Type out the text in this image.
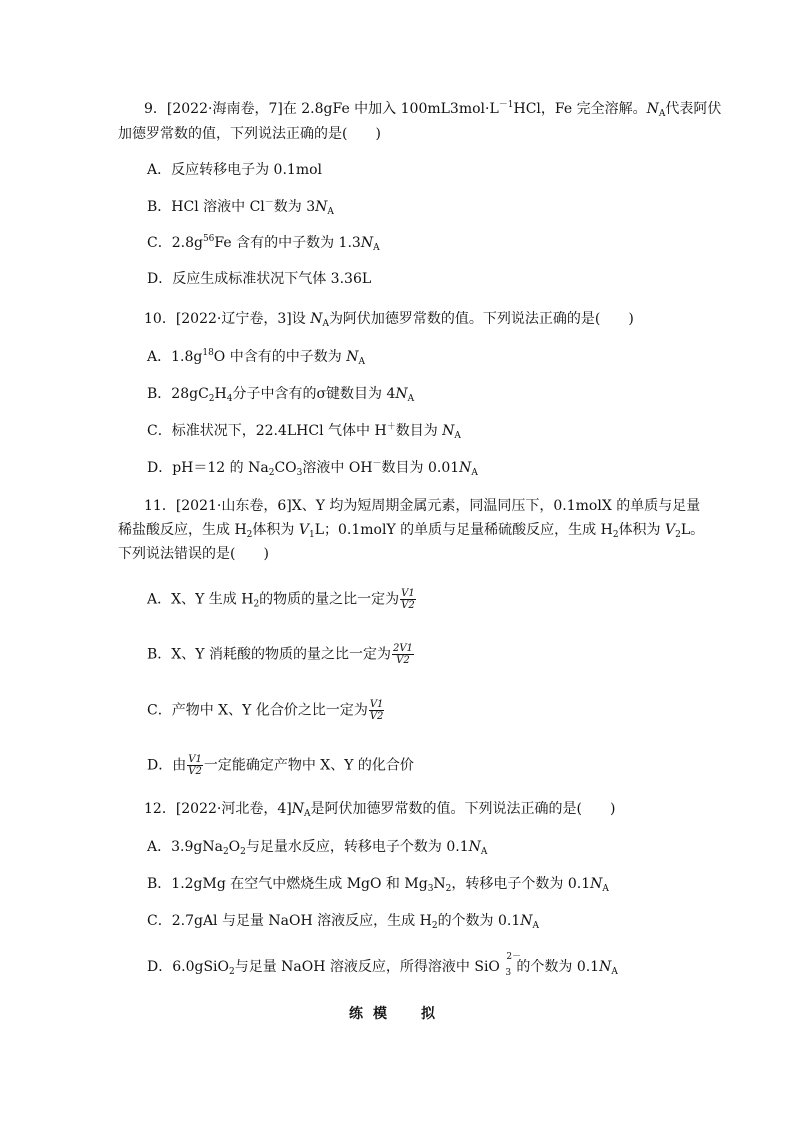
9．[2022·海南卷，7]在 2.8gFe 中加入 $100mL3mol\cdot L^{-1}HCl$，Fe 完全溶解。$N_A$代表阿伏
加德罗常数的值，下列说法正确的是(　　)
A．反应转移电子为 0.1mol
B．HCl 溶液中 Cl－数为 $3N_A$
C．$2.8g^{56}Fe$ 含有的中子数为 $1.3N_A$
D．反应生成标准状况下气体 3.36L
10．[2022·辽宁卷，3]设 $N_A$为阿伏加德罗常数的值。下列说法正确的是(　　)
A．$1.8g^{18}O$ 中含有的中子数为 $N_A$
B．$28gC_2H_4$分子中含有的σ键数目为 $4N_A$
C．标准状况下，22.4LHCl 气体中 H＋数目为 $N_A$
D．pH＝12 的 $Na_2CO_3$溶液中 OH－数目为 $0.01N_A$
11．[2021·山东卷，6]X、Y 均为短周期金属元素，同温同压下，0.1molX 的单质与足量
稀盐酸反应，生成 $H_2$体积为 $V_1L$；0.1molY 的单质与足量稀硫酸反应，生成 $H_2$体积为 $V_2L$。
下列说法错误的是(　　)
A．X、Y 生成 $H_2$的物质的量之比一定为 $\frac{V1}{V2}$
B．X、Y 消耗酸的物质的量之比一定为 $\frac{2V1}{V2}$
C．产物中 X、Y 化合价之比一定为 $\frac{V1}{V2}$
D．由 $\frac{V1}{V2}$ 一定能确定产物中 X、Y 的化合价
12．[2022·河北卷，$4]N_A$是阿伏加德罗常数的值。下列说法正确的是(　　)
A．$3.9gNa_2O_2$与足量水反应，转移电子个数为 $0.1N_A$
B．1.2gMg 在空气中燃烧生成 MgO 和 $Mg_3N_2$，转移电子个数为 $0.1N_A$
C．2.7gAl 与足量 NaOH 溶液反应，生成 $H_2$的个数为 $0.1N_A$
D．6.0gSiO$_2$与足量 NaOH 溶液反应，所得溶液中 SiO
2－
3 的个数为 $0.1N_A$
练模　拟
